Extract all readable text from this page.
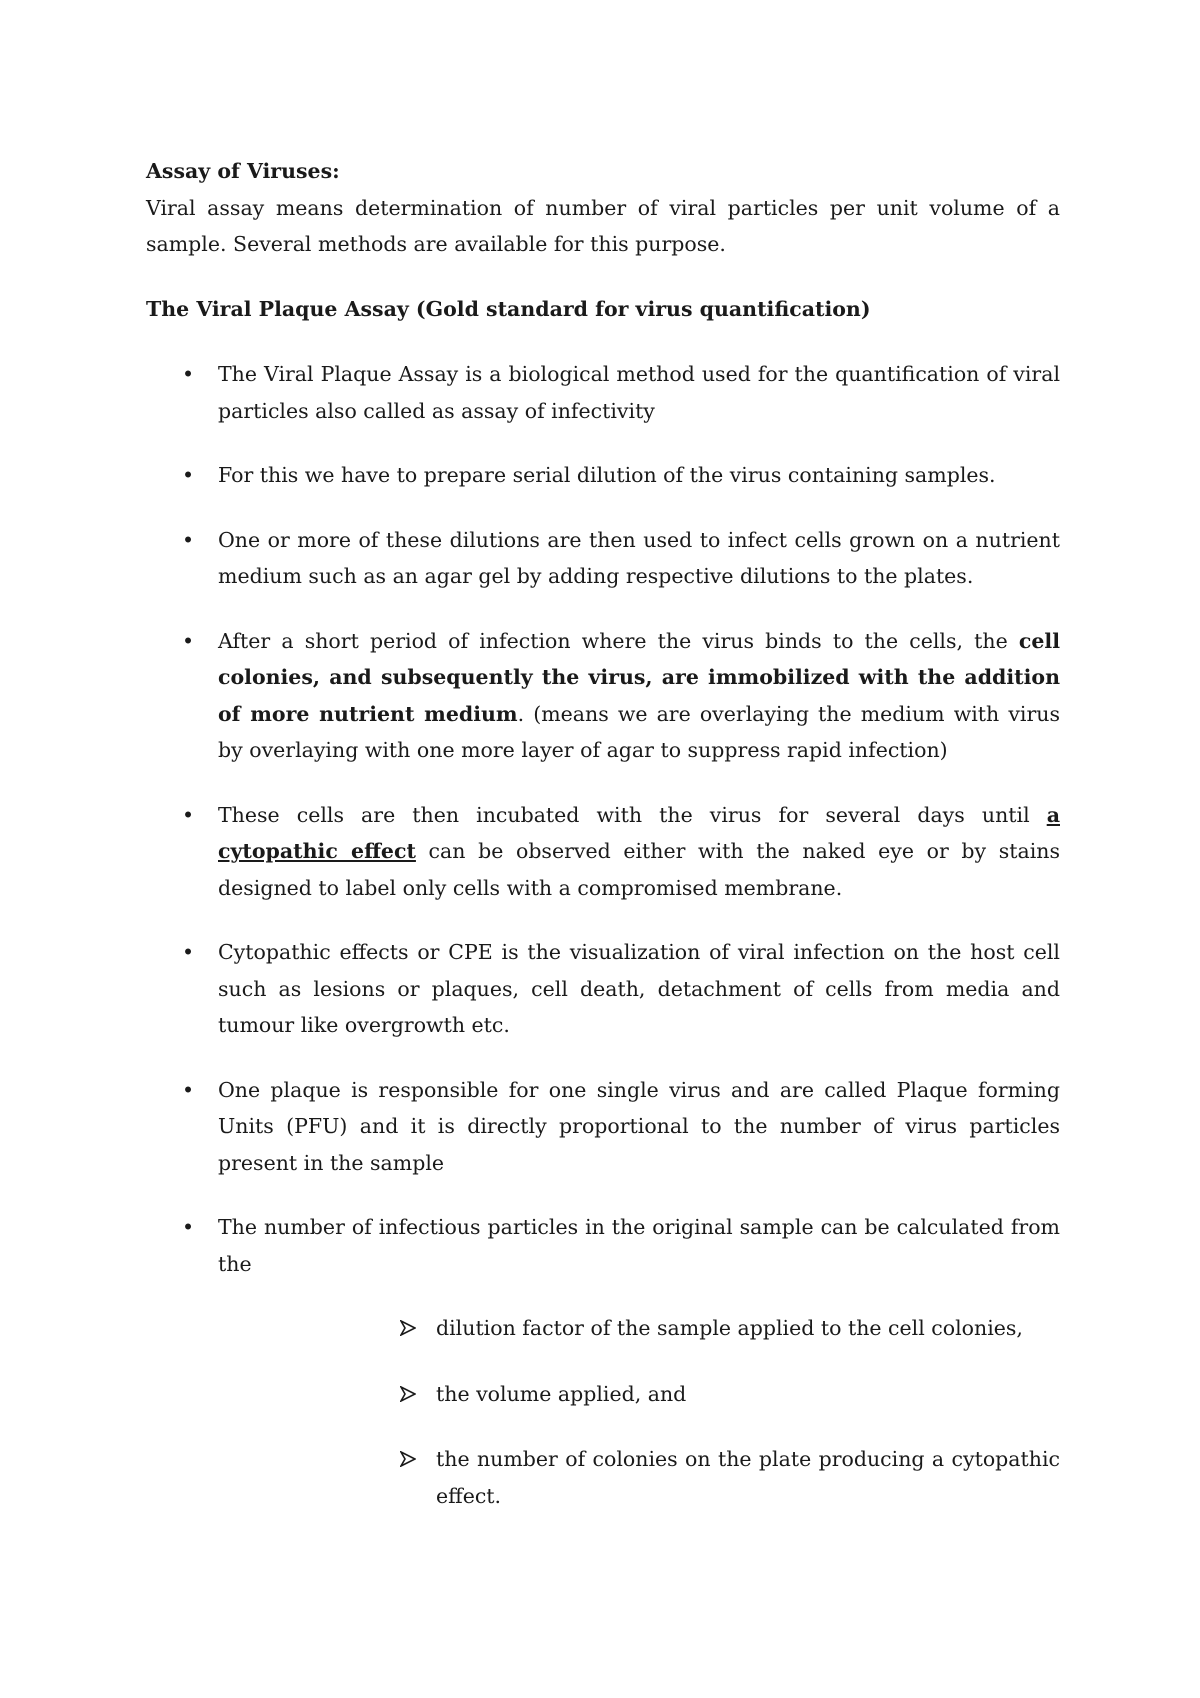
Assay of Viruses:

Viral assay means determination of number of viral particles per unit volume of a sample. Several methods are available for this purpose.

The Viral Plaque Assay (Gold standard for virus quantification)

• The Viral Plaque Assay is a biological method used for the quantification of viral particles also called as assay of infectivity
• For this we have to prepare serial dilution of the virus containing samples.
• One or more of these dilutions are then used to infect cells grown on a nutrient medium such as an agar gel by adding respective dilutions to the plates.
• After a short period of infection where the virus binds to the cells, the cell colonies, and subsequently the virus, are immobilized with the addition of more nutrient medium. (means we are overlaying the medium with virus by overlaying with one more layer of agar to suppress rapid infection)
• These cells are then incubated with the virus for several days until a cytopathic effect can be observed either with the naked eye or by stains designed to label only cells with a compromised membrane.
• Cytopathic effects or CPE is the visualization of viral infection on the host cell such as lesions or plaques, cell death, detachment of cells from media and tumour like overgrowth etc.
• One plaque is responsible for one single virus and are called Plaque forming Units (PFU) and it is directly proportional to the number of virus particles present in the sample
• The number of infectious particles in the original sample can be calculated from the
dilution factor of the sample applied to the cell colonies,
the volume applied, and
the number of colonies on the plate producing a cytopathic effect.
